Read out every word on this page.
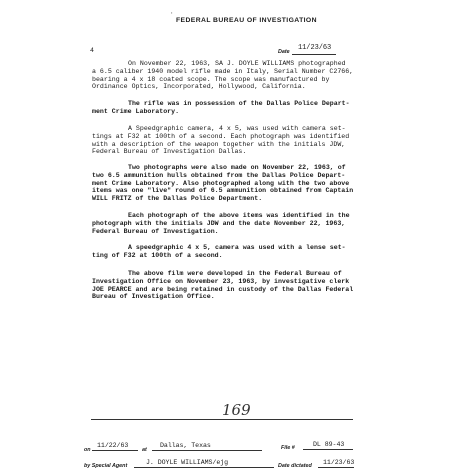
'
FEDERAL BUREAU OF INVESTIGATION
4	Date 11/23/63
On November 22, 1963, SA J. DOYLE WILLIAMS photographed
a 6.5 caliber 1940 model rifle made in Italy, Serial Number C2766,
bearing a 4 x 18 coated scope. The scope was manufactured by
Ordinance Optics, Incorporated, Hollywood, California.
The rifle was in possession of the Dallas Police Depart-
ment Crime Laboratory.
A Speedgraphic camera, 4 x 5, was used with camera set-
tings at F32 at 100th of a second. Each photograph was identified
with a description of the weapon together with the initials JDW,
Federal Bureau of Investigation Dallas.
Two photographs were also made on November 22, 1963, of
two 6.5 ammunition hulls obtained from the Dallas Police Depart-
ment Crime Laboratory. Also photographed along with the two above
items was one "live" round of 6.5 ammunition obtained from Captain
WILL FRITZ of the Dallas Police Department.
Each photograph of the above items was identified in the
photograph with the initials JDW and the date November 22, 1963,
Federal Bureau of Investigation.
A speedgraphic 4 x 5, camera was used with a lense set-
ting of F32 at 100th of a second.
The above film were developed in the Federal Bureau of
Investigation Office on November 23, 1963, by investigative clerk
JOE PEARCE and are being retained in custody of the Dallas Federal
Bureau of Investigation Office.
169
on
11/22/63
at
Dallas, Texas	File #	DL 89-43
by Special Agent	J. DOYLE WILLIAMS/ejg	Date dictated 11/23/63
